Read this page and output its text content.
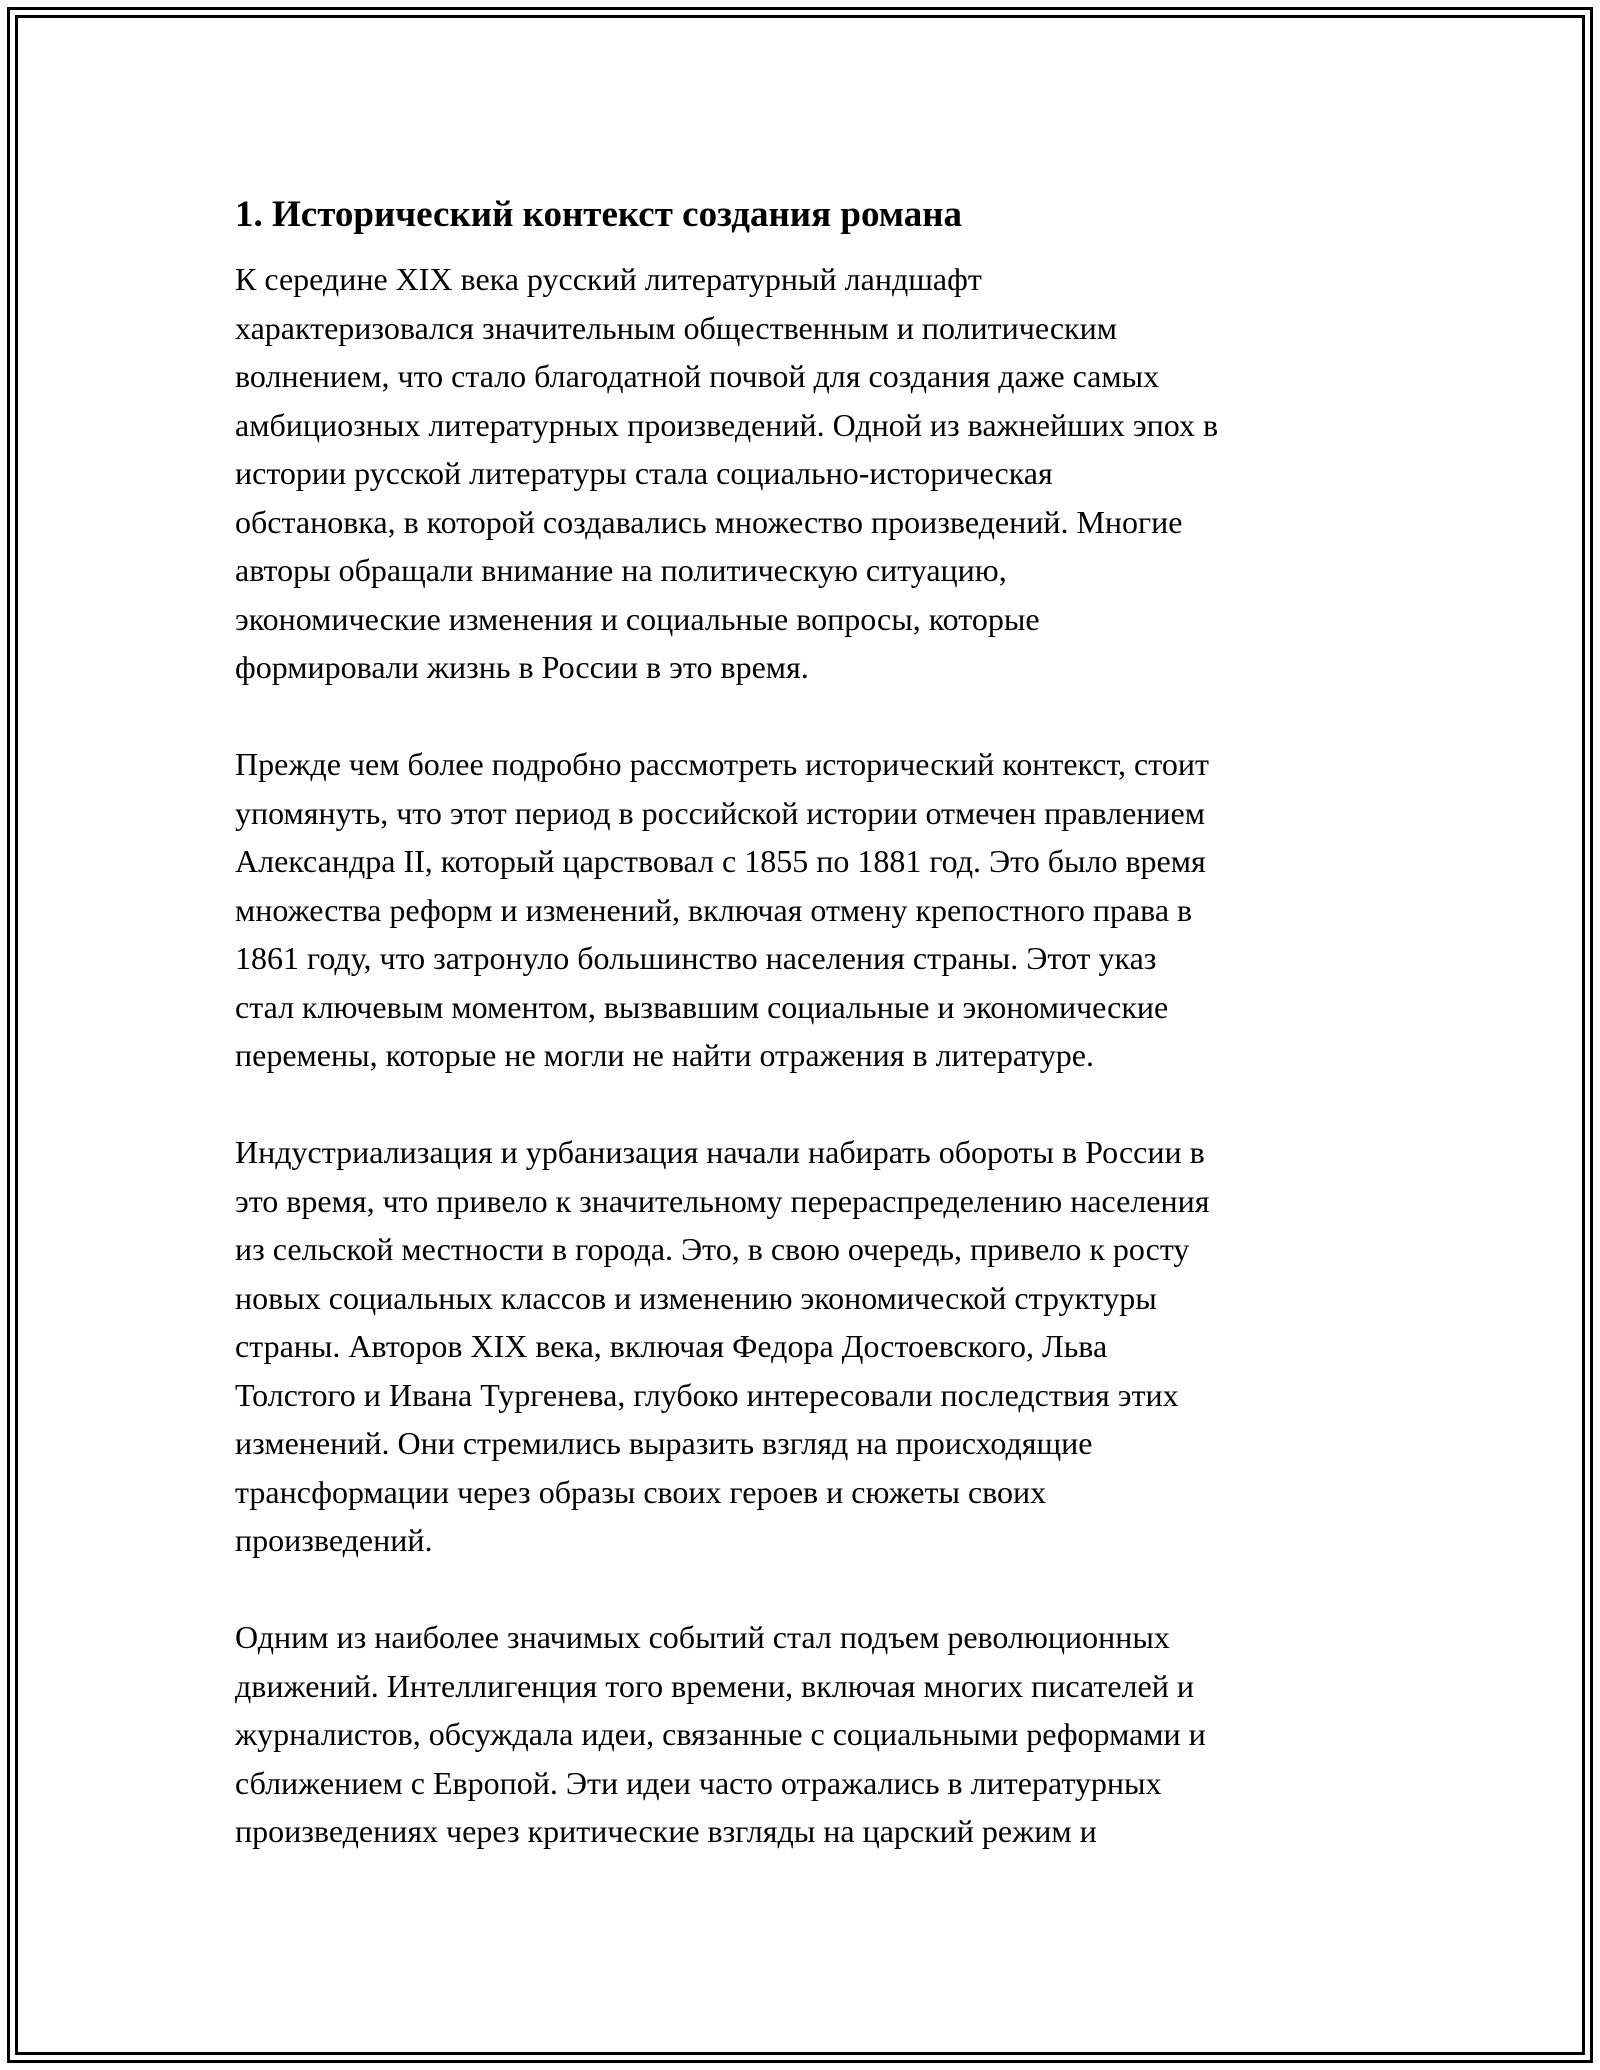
1. Исторический контекст создания романа

К середине XIX века русский литературный ландшафт
характеризовался значительным общественным и политическим
волнением, что стало благодатной почвой для создания даже самых
амбициозных литературных произведений. Одной из важнейших эпох в
истории русской литературы стала социально-историческая
обстановка, в которой создавались множество произведений. Многие
авторы обращали внимание на политическую ситуацию,
экономические изменения и социальные вопросы, которые
формировали жизнь в России в это время.

Прежде чем более подробно рассмотреть исторический контекст, стоит
упомянуть, что этот период в российской истории отмечен правлением
Александра II, который царствовал с 1855 по 1881 год. Это было время
множества реформ и изменений, включая отмену крепостного права в
1861 году, что затронуло большинство населения страны. Этот указ
стал ключевым моментом, вызвавшим социальные и экономические
перемены, которые не могли не найти отражения в литературе.

Индустриализация и урбанизация начали набирать обороты в России в
это время, что привело к значительному перераспределению населения
из сельской местности в города. Это, в свою очередь, привело к росту
новых социальных классов и изменению экономической структуры
страны. Авторов XIX века, включая Федора Достоевского, Льва
Толстого и Ивана Тургенева, глубоко интересовали последствия этих
изменений. Они стремились выразить взгляд на происходящие
трансформации через образы своих героев и сюжеты своих
произведений.

Одним из наиболее значимых событий стал подъем революционных
движений. Интеллигенция того времени, включая многих писателей и
журналистов, обсуждала идеи, связанные с социальными реформами и
сближением с Европой. Эти идеи часто отражались в литературных
произведениях через критические взгляды на царский режим и
